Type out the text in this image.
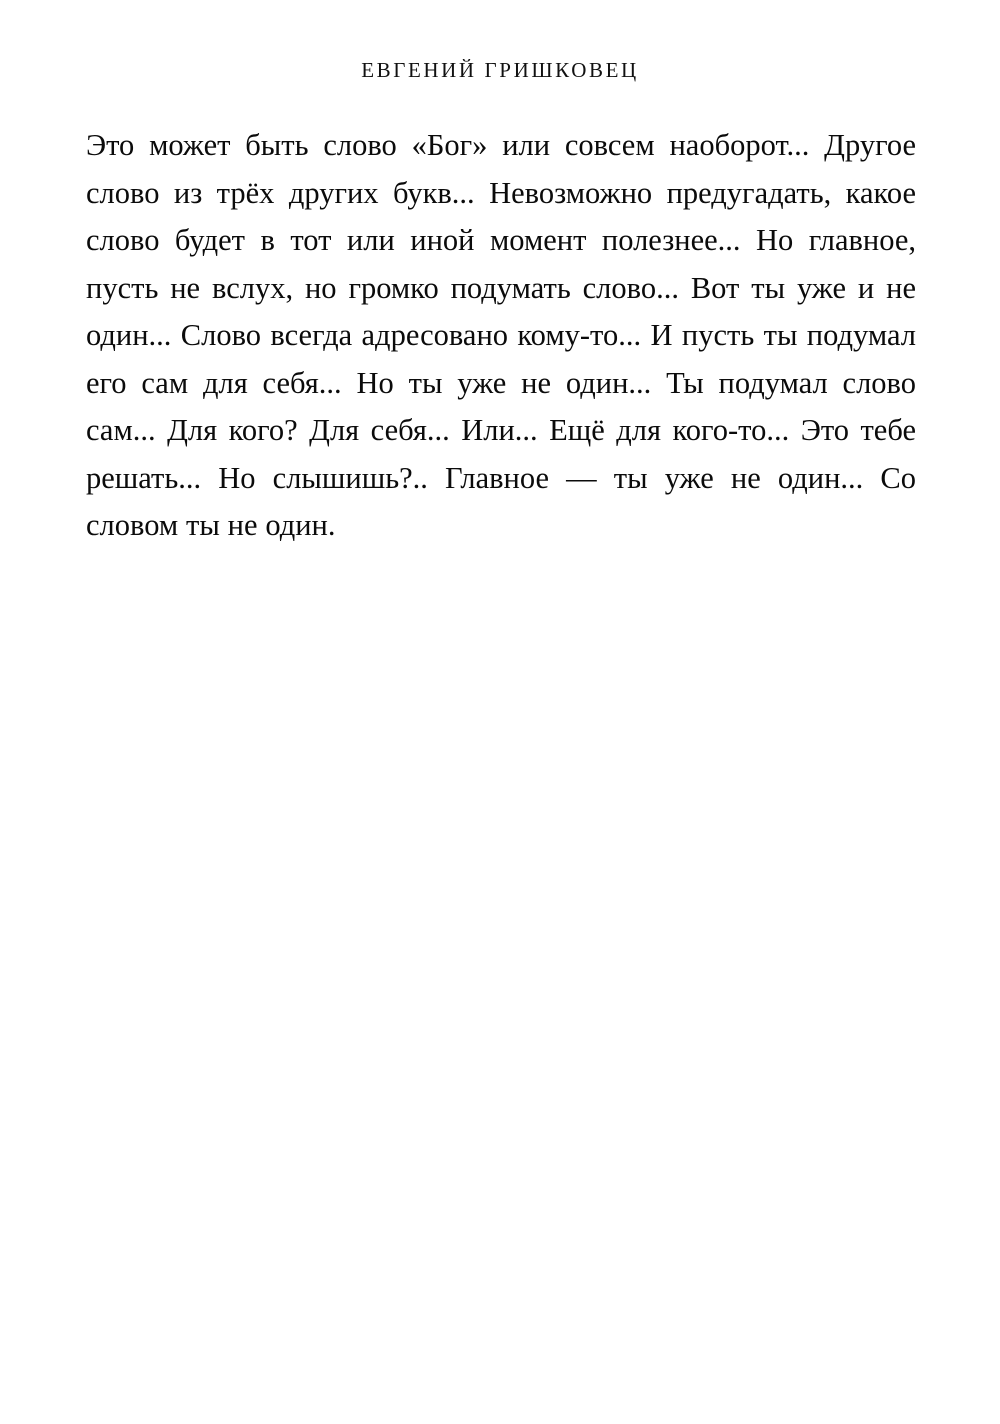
ЕВГЕНИЙ ГРИШКОВЕЦ

Это может быть слово «Бог» или совсем наоборот... Другое слово из трёх других букв... Невозможно предугадать, какое слово будет в тот или иной момент полезнее... Но главное, пусть не вслух, но громко подумать слово... Вот ты уже и не один... Слово всегда адресовано кому-то... И пусть ты подумал его сам для себя... Но ты уже не один... Ты подумал слово сам... Для кого? Для себя... Или... Ещё для кого-то... Это тебе решать... Но слышишь?.. Главное — ты уже не один... Со словом ты не один.
